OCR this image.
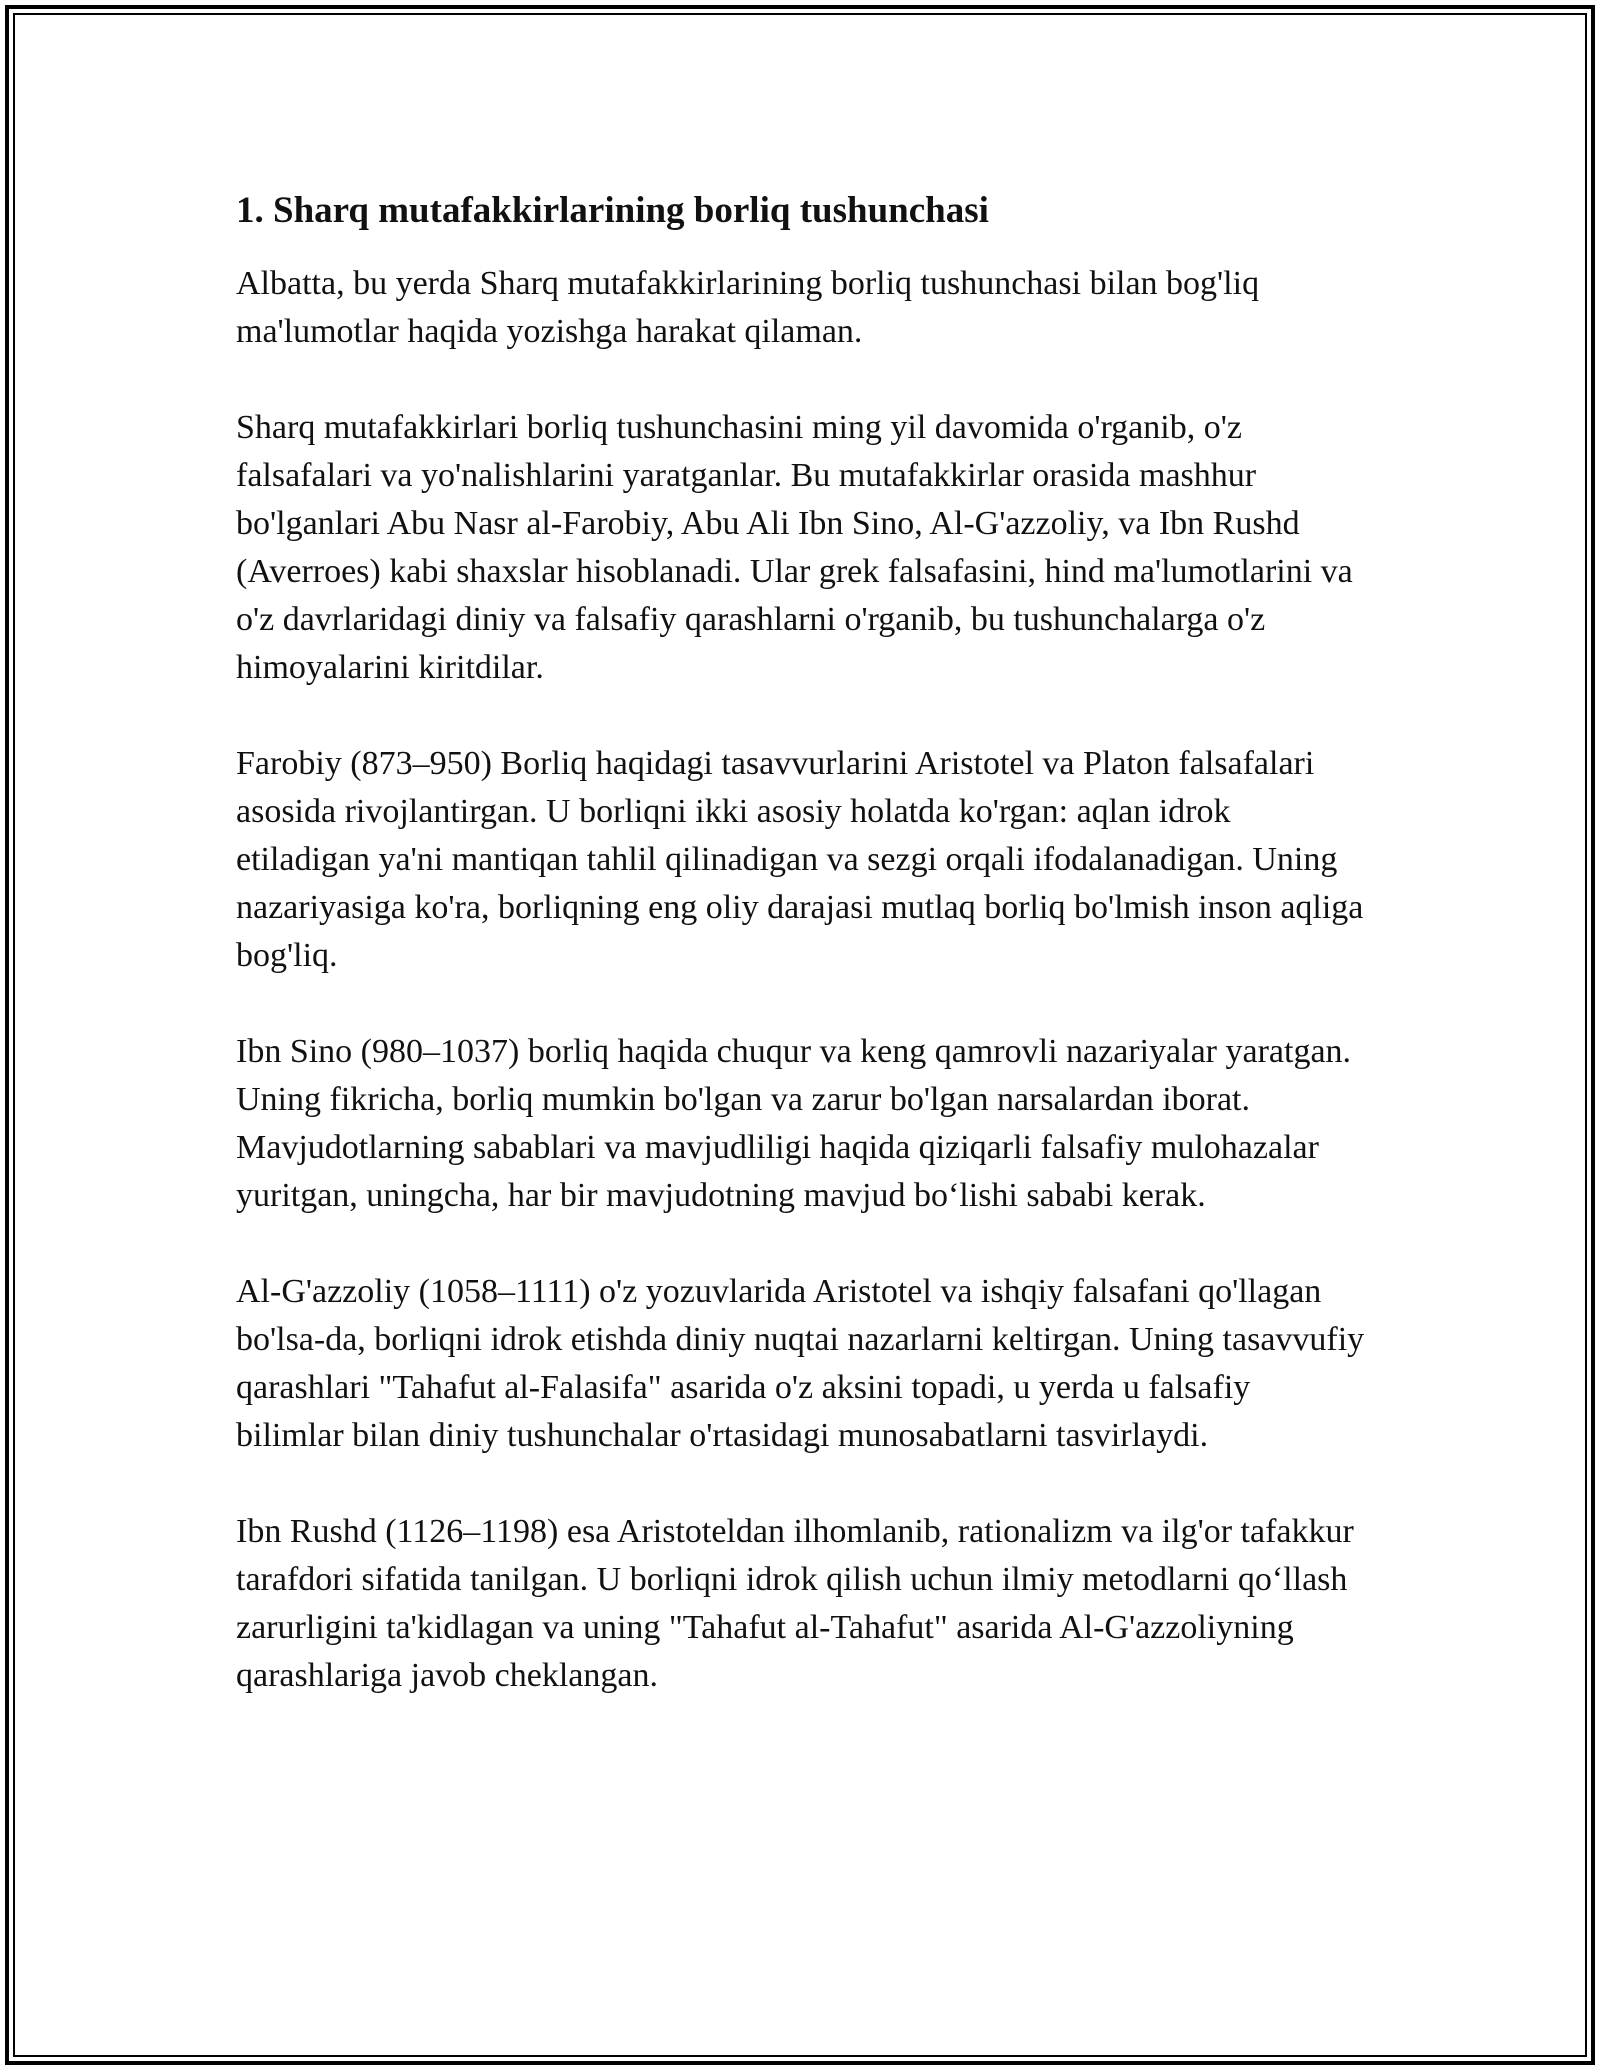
1. Sharq mutafakkirlarining borliq tushunchasi

Albatta, bu yerda Sharq mutafakkirlarining borliq tushunchasi bilan bog'liq ma'lumotlar haqida yozishga harakat qilaman.

Sharq mutafakkirlari borliq tushunchasini ming yil davomida o'rganib, o'z falsafalari va yo'nalishlarini yaratganlar. Bu mutafakkirlar orasida mashhur bo'lganlari Abu Nasr al-Farobiy, Abu Ali Ibn Sino, Al-G'azzoliy, va Ibn Rushd (Averroes) kabi shaxslar hisoblanadi. Ular grek falsafasini, hind ma'lumotlarini va o'z davrlaridagi diniy va falsafiy qarashlarni o'rganib, bu tushunchalarga o'z himoyalarini kiritdilar.

Farobiy (873–950) Borliq haqidagi tasavvurlarini Aristotel va Platon falsafalari asosida rivojlantirgan. U borliqni ikki asosiy holatda ko'rgan: aqlan idrok etiladigan ya'ni mantiqan tahlil qilinadigan va sezgi orqali ifodalanadigan. Uning nazariyasiga ko'ra, borliqning eng oliy darajasi mutlaq borliq bo'lmish inson aqliga bog'liq.

Ibn Sino (980–1037) borliq haqida chuqur va keng qamrovli nazariyalar yaratgan. Uning fikricha, borliq mumkin bo'lgan va zarur bo'lgan narsalardan iborat. Mavjudotlarning sabablari va mavjudliligi haqida qiziqarli falsafiy mulohazalar yuritgan, uningcha, har bir mavjudotning mavjud bo‘lishi sababi kerak.

Al-G'azzoliy (1058–1111) o'z yozuvlarida Aristotel va ishqiy falsafani qo'llagan bo'lsa-da, borliqni idrok etishda diniy nuqtai nazarlarni keltirgan. Uning tasavvufiy qarashlari "Tahafut al-Falasifa" asarida o'z aksini topadi, u yerda u falsafiy bilimlar bilan diniy tushunchalar o'rtasidagi munosabatlarni tasvirlaydi.

Ibn Rushd (1126–1198) esa Aristoteldan ilhomlanib, rationalizm va ilg'or tafakkur tarafdori sifatida tanilgan. U borliqni idrok qilish uchun ilmiy metodlarni qo‘llash zarurligini ta'kidlagan va uning "Tahafut al-Tahafut" asarida Al-G'azzoliyning qarashlariga javob cheklangan.
